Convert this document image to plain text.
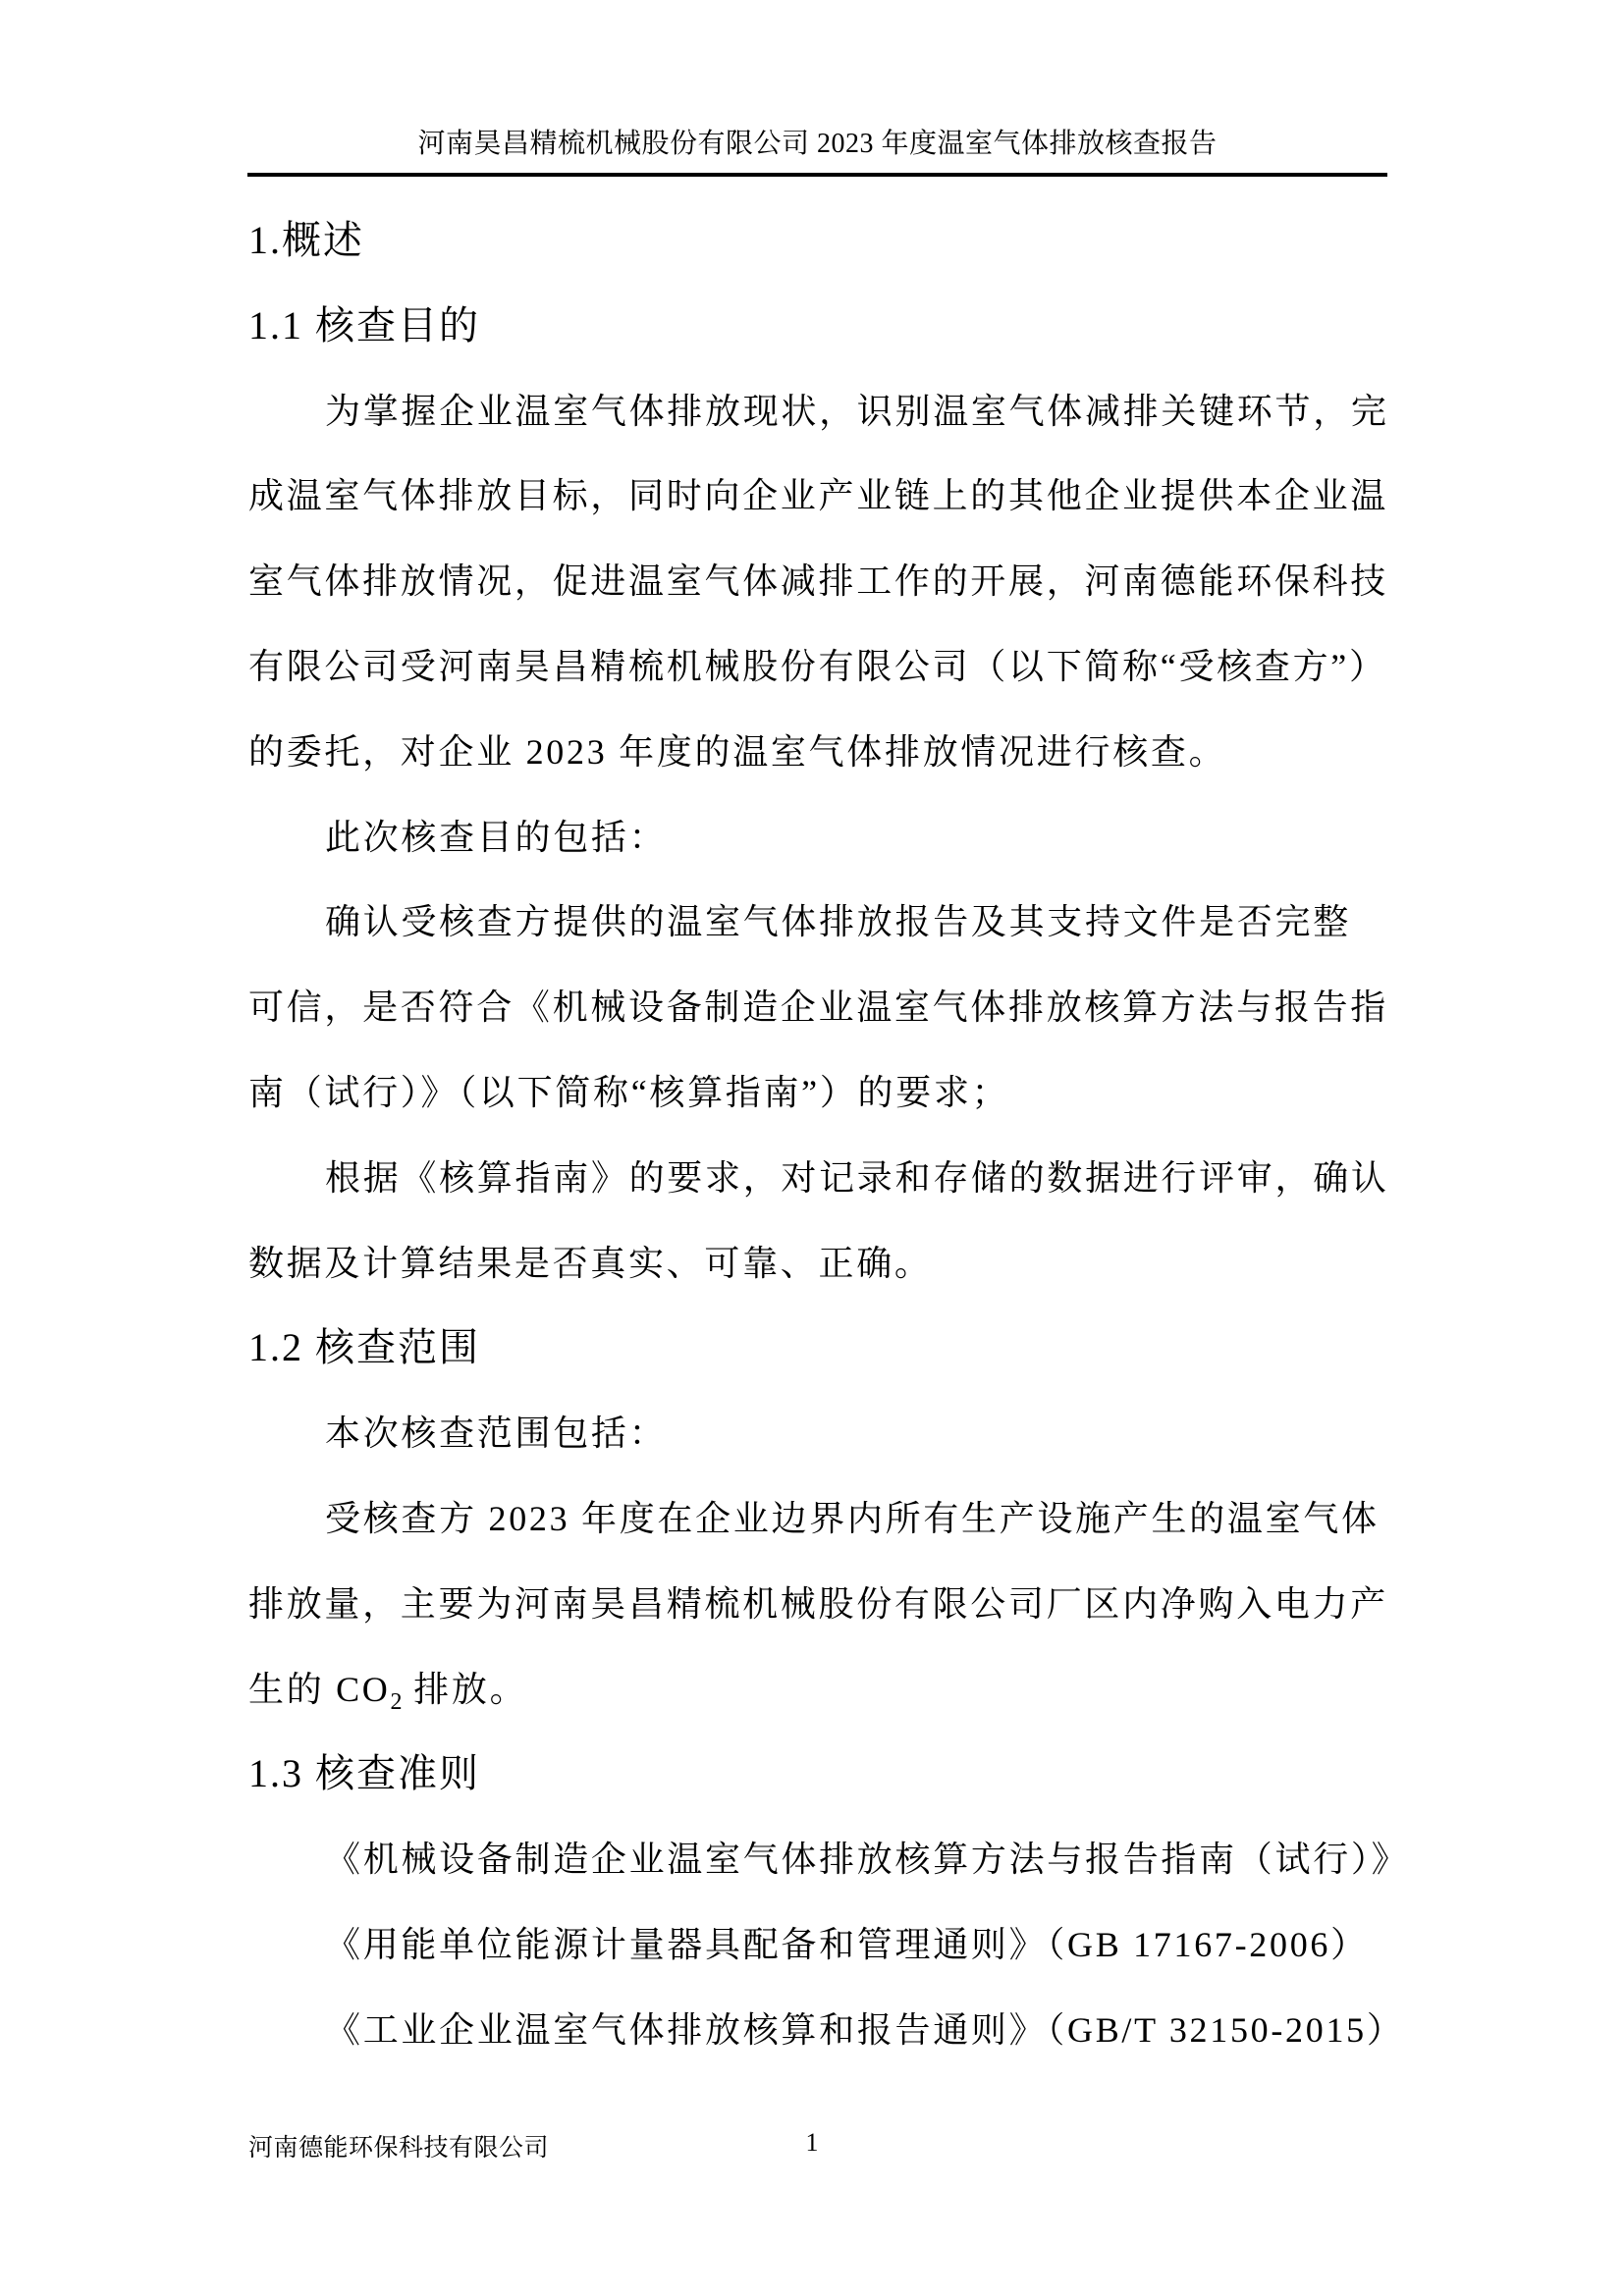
河南昊昌精梳机械股份有限公司 2023 年度温室气体排放核查报告
1.概述
1.1 核查目的
为掌握企业温室气体排放现状，识别温室气体减排关键环节，完
成温室气体排放目标，同时向企业产业链上的其他企业提供本企业温
室气体排放情况，促进温室气体减排工作的开展，河南德能环保科技
有限公司受河南昊昌精梳机械股份有限公司（以下简称“受核查方”）
的委托，对企业 2023 年度的温室气体排放情况进行核查。
此次核查目的包括：
确认受核查方提供的温室气体排放报告及其支持文件是否完整
可信，是否符合《机械设备制造企业温室气体排放核算方法与报告指
南（试行）》（以下简称“核算指南”）的要求；
根据《核算指南》的要求，对记录和存储的数据进行评审，确认
数据及计算结果是否真实、可靠、正确。
1.2 核查范围
本次核查范围包括：
受核查方 2023 年度在企业边界内所有生产设施产生的温室气体
排放量，主要为河南昊昌精梳机械股份有限公司厂区内净购入电力产
生的 $CO_2$ 排放。
1.3 核查准则
《机械设备制造企业温室气体排放核算方法与报告指南（试行）》
《用能单位能源计量器具配备和管理通则》（GB 17167-2006）
《工业企业温室气体排放核算和报告通则》（GB/T 32150-2015）
河南德能环保科技有限公司	1
